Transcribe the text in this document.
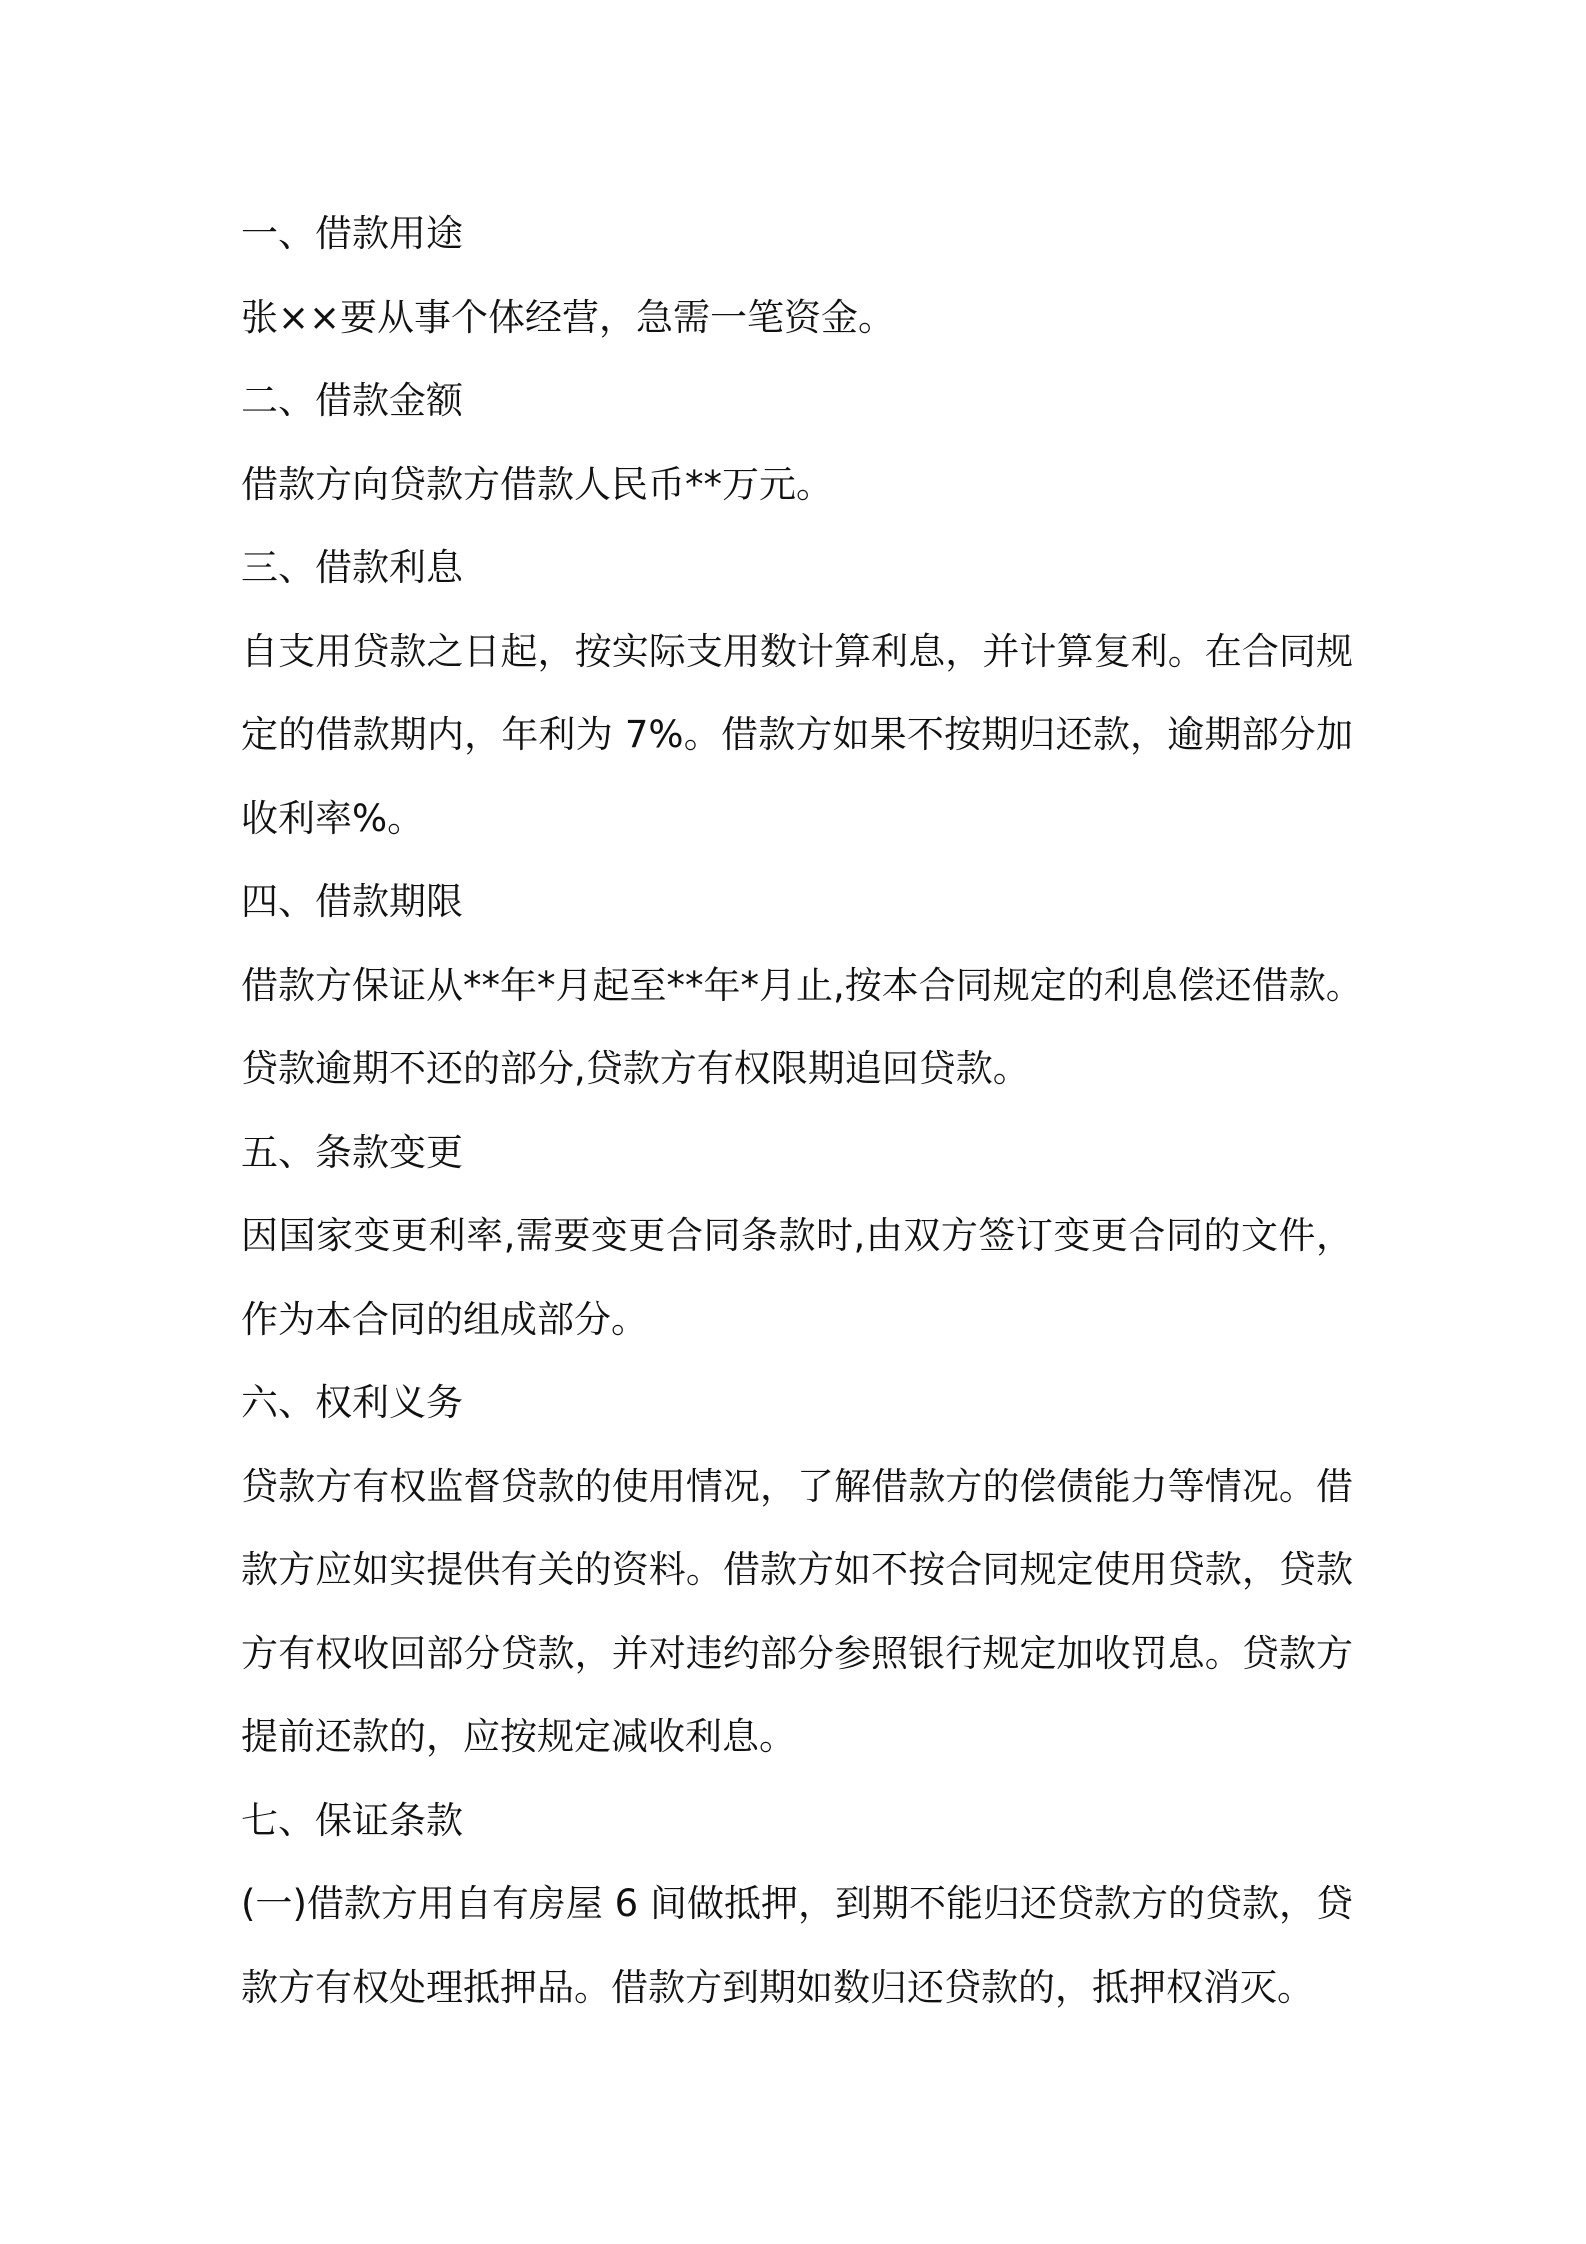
一、借款用途
张××要从事个体经营，急需一笔资金。
二、借款金额
借款方向贷款方借款人民币**万元。
三、借款利息
自支用贷款之日起，按实际支用数计算利息，并计算复利。在合同规
定的借款期内，年利为 7%。借款方如果不按期归还款，逾期部分加
收利率%。
四、借款期限
借款方保证从**年*月起至**年*月止,按本合同规定的利息偿还借款。
贷款逾期不还的部分,贷款方有权限期追回贷款。
五、条款变更
因国家变更利率,需要变更合同条款时,由双方签订变更合同的文件，
作为本合同的组成部分。
六、权利义务
贷款方有权监督贷款的使用情况，了解借款方的偿债能力等情况。借
款方应如实提供有关的资料。借款方如不按合同规定使用贷款，贷款
方有权收回部分贷款，并对违约部分参照银行规定加收罚息。贷款方
提前还款的，应按规定减收利息。
七、保证条款
(一)借款方用自有房屋 6 间做抵押，到期不能归还贷款方的贷款，贷
款方有权处理抵押品。借款方到期如数归还贷款的，抵押权消灭。
